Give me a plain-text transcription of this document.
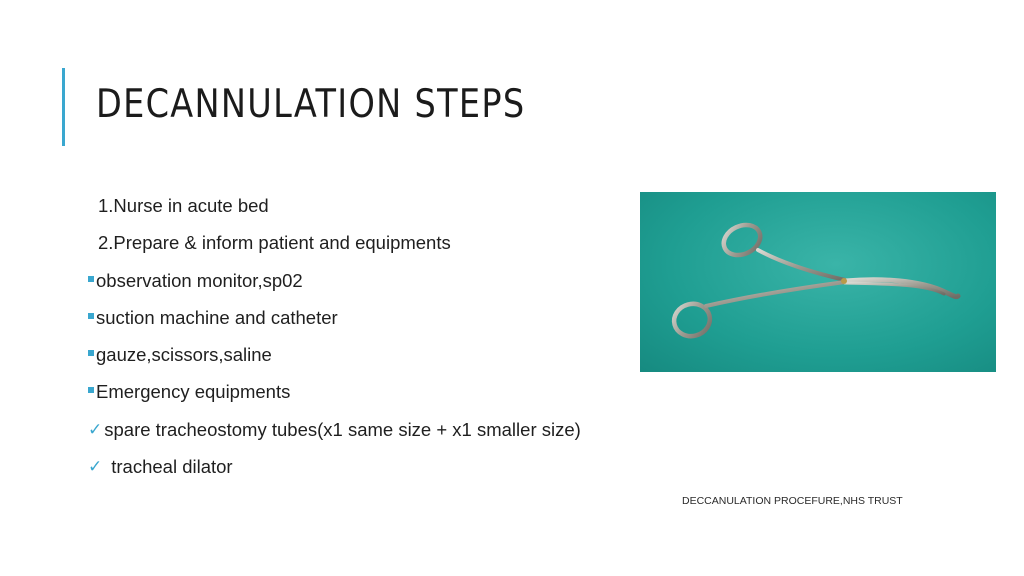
DECANNULATION STEPS
1.Nurse in acute bed
2.Prepare & inform patient and equipments
observation monitor,sp02
suction machine and catheter
gauze,scissors,saline
Emergency equipments
✓ spare tracheostomy tubes(x1 same size + x1 smaller size)
✓ tracheal dilator
DECCANULATION PROCEFURE,NHS TRUST
